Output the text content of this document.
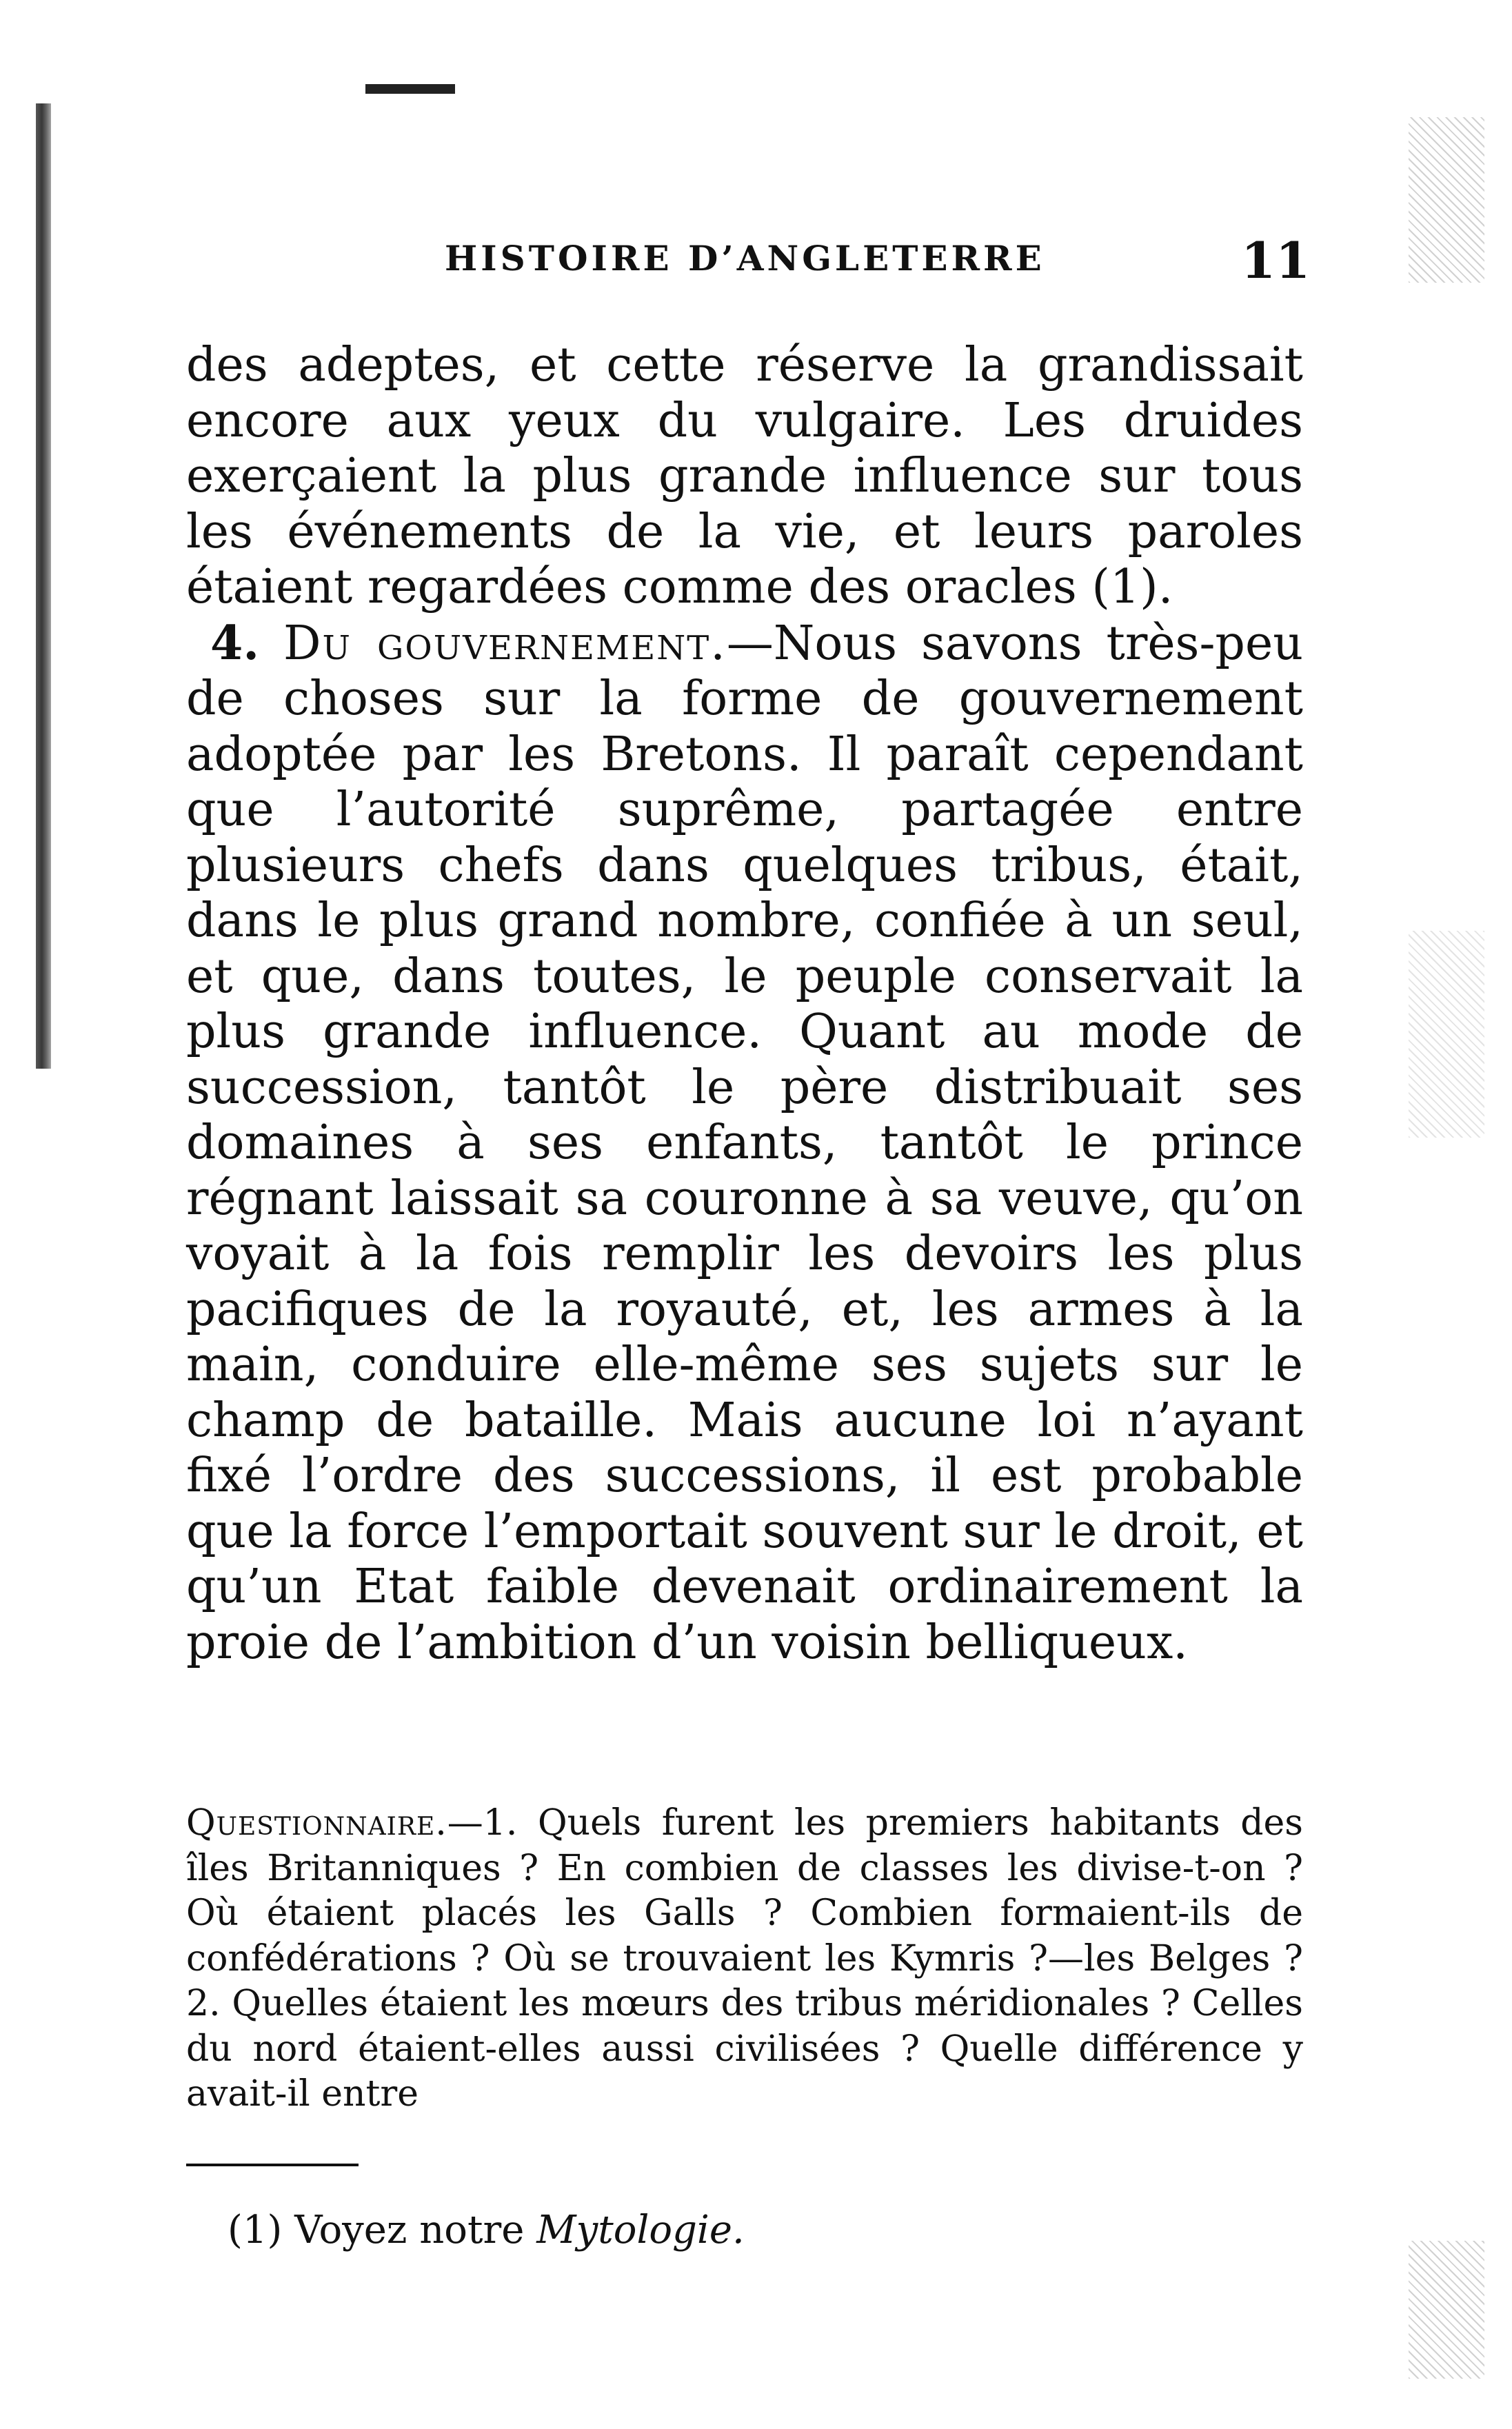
HISTOIRE D’ANGLETERRE	11

des adeptes, et cette réserve la grandissait encore aux yeux du vulgaire. Les druides exerçaient la plus grande influence sur tous les événements de la vie, et leurs paroles étaient regardées comme des oracles (1).

4. Du gouvernement.—Nous savons très-peu de choses sur la forme de gouvernement adoptée par les Bretons. Il paraît cependant que l’autorité suprême, partagée entre plusieurs chefs dans quelques tribus, était, dans le plus grand nombre, confiée à un seul, et que, dans toutes, le peuple conservait la plus grande influence. Quant au mode de succession, tantôt le père distribuait ses domaines à ses enfants, tantôt le prince régnant laissait sa couronne à sa veuve, qu’on voyait à la fois remplir les devoirs les plus pacifiques de la royauté, et, les armes à la main, conduire elle-même ses sujets sur le champ de bataille. Mais aucune loi n’ayant fixé l’ordre des successions, il est probable que la force l’emportait souvent sur le droit, et qu’un Etat faible devenait ordinairement la proie de l’ambition d’un voisin belliqueux.

Questionnaire.—1. Quels furent les premiers habitants des îles Britanniques ? En combien de classes les divise-t-on ? Où étaient placés les Galls ? Combien formaient-ils de confédérations ? Où se trouvaient les Kymris ?—les Belges ? 2. Quelles étaient les mœurs des tribus méridionales ? Celles du nord étaient-elles aussi civilisées ? Quelle différence y avait-il entre
(1) Voyez notre Mytologie.
